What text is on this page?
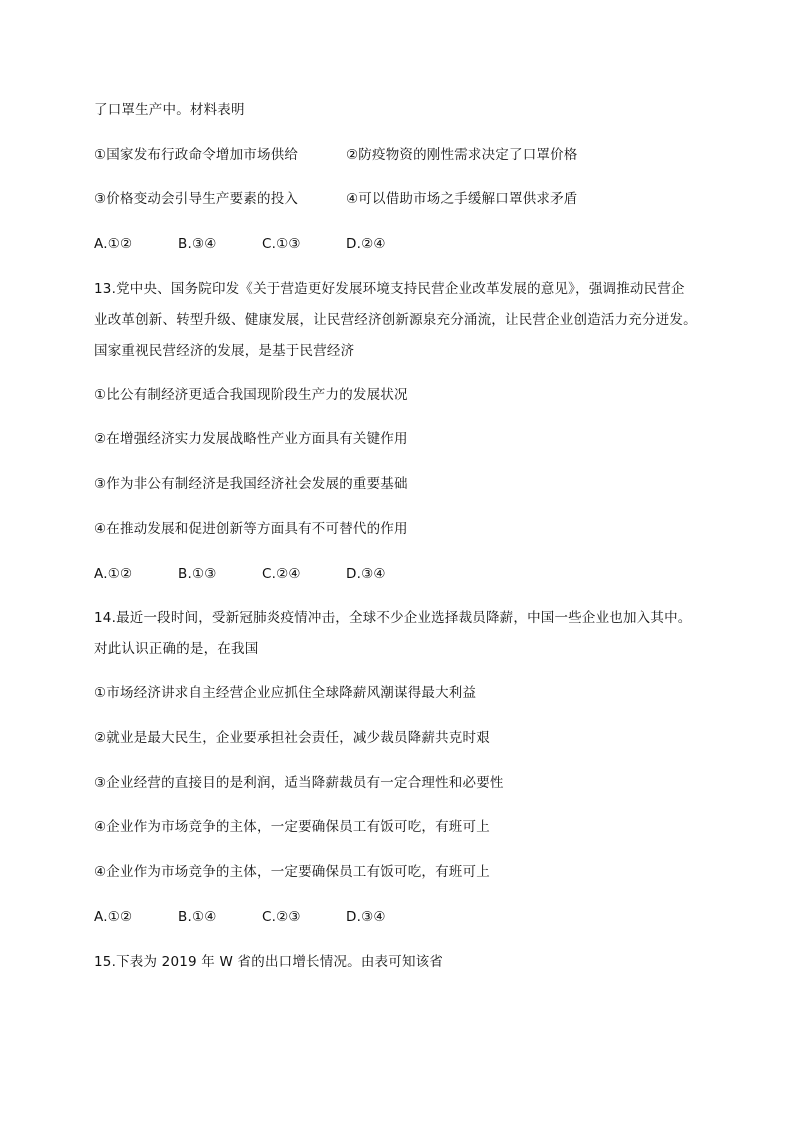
了口罩生产中。材料表明
①国家发布行政命令增加市场供给	②防疫物资的刚性需求决定了口罩价格
③价格变动会引导生产要素的投入	④可以借助市场之手缓解口罩供求矛盾
A.①②	B.③④	C.①③	D.②④
13.党中央、国务院印发《关于营造更好发展环境支持民营企业改革发展的意见》，强调推动民营企
业改革创新、转型升级、健康发展，让民营经济创新源泉充分涌流，让民营企业创造活力充分迸发。
国家重视民营经济的发展，是基于民营经济
①比公有制经济更适合我国现阶段生产力的发展状况
②在增强经济实力发展战略性产业方面具有关键作用
③作为非公有制经济是我国经济社会发展的重要基础
④在推动发展和促进创新等方面具有不可替代的作用
A.①②	B.①③	C.②④	D.③④
14.最近一段时间，受新冠肺炎疫情冲击，全球不少企业选择裁员降薪，中国一些企业也加入其中。
对此认识正确的是，在我国
①市场经济讲求自主经营企业应抓住全球降薪风潮谋得最大利益
②就业是最大民生，企业要承担社会责任，减少裁员降薪共克时艰
③企业经营的直接目的是利润，适当降薪裁员有一定合理性和必要性
④企业作为市场竞争的主体，一定要确保员工有饭可吃，有班可上
④企业作为市场竞争的主体，一定要确保员工有饭可吃，有班可上
A.①②	B.①④	C.②③	D.③④
15.下表为 2019 年 W 省的出口增长情况。由表可知该省
